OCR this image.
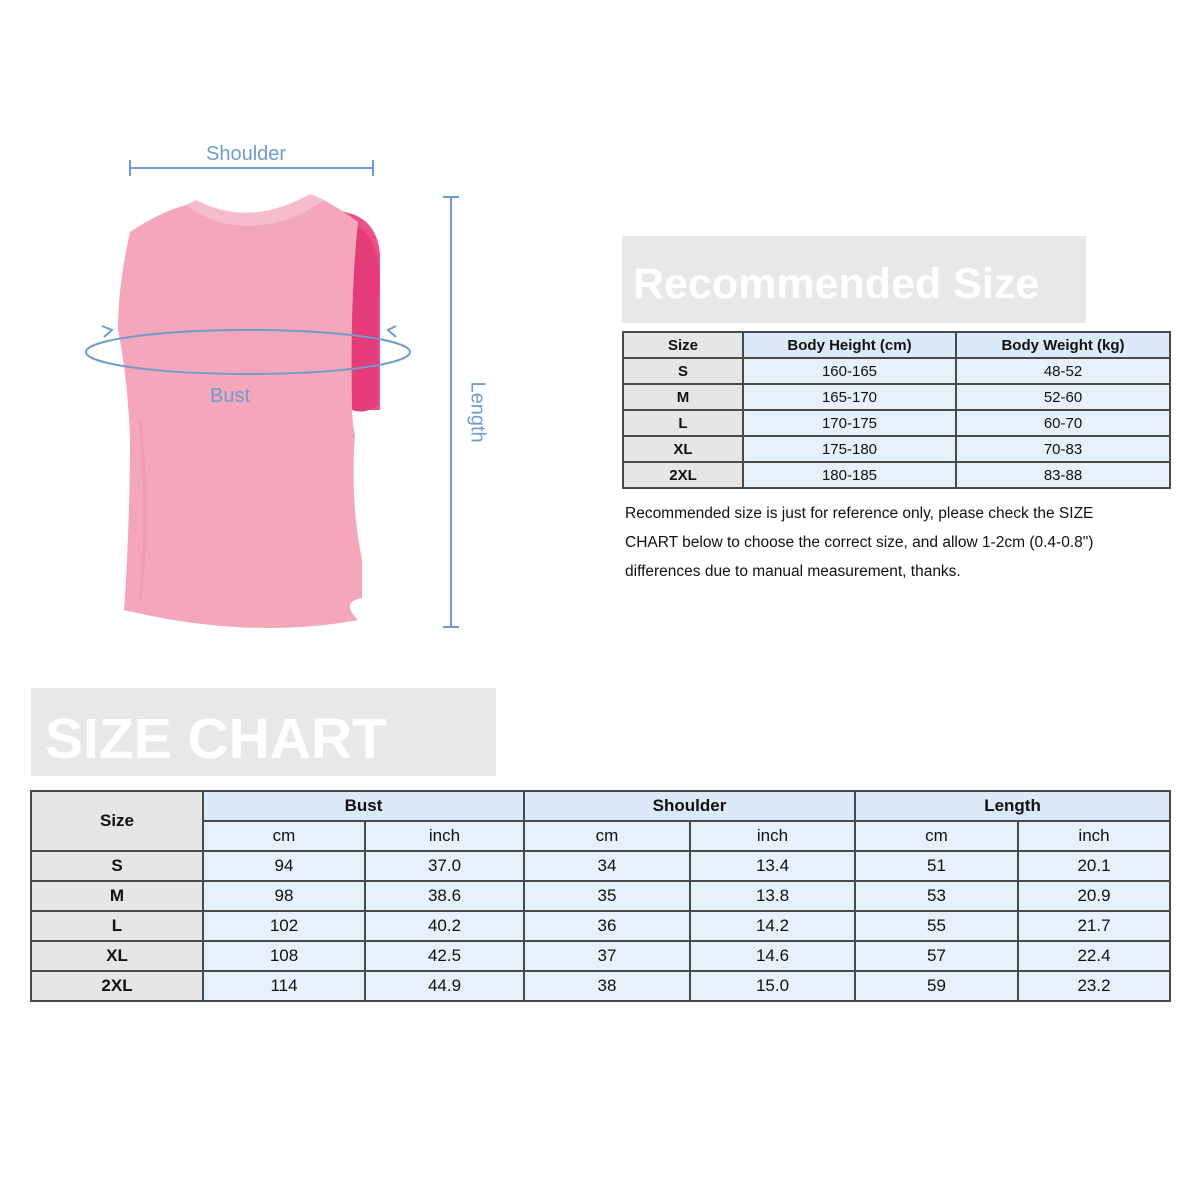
Shoulder
Bust	Length
Recommended Size
Size	Body Height (cm)	Body Weight (kg)
S	160-165	48-52
M	165-170	52-60
L	170-175	60-70
XL	175-180	70-83
2XL	180-185	83-88
Recommended size is just for reference only, please check the SIZE
CHART below to choose the correct size, and allow 1-2cm (0.4-0.8")
differences due to manual measurement, thanks.
SIZE CHART
Size	Bust		Shoulder		Length	
	cm	inch	cm	inch	cm	inch
S	94	37.0	34	13.4	51	20.1
M	98	38.6	35	13.8	53	20.9
L	102	40.2	36	14.2	55	21.7
XL	108	42.5	37	14.6	57	22.4
2XL	114	44.9	38	15.0	59	23.2
